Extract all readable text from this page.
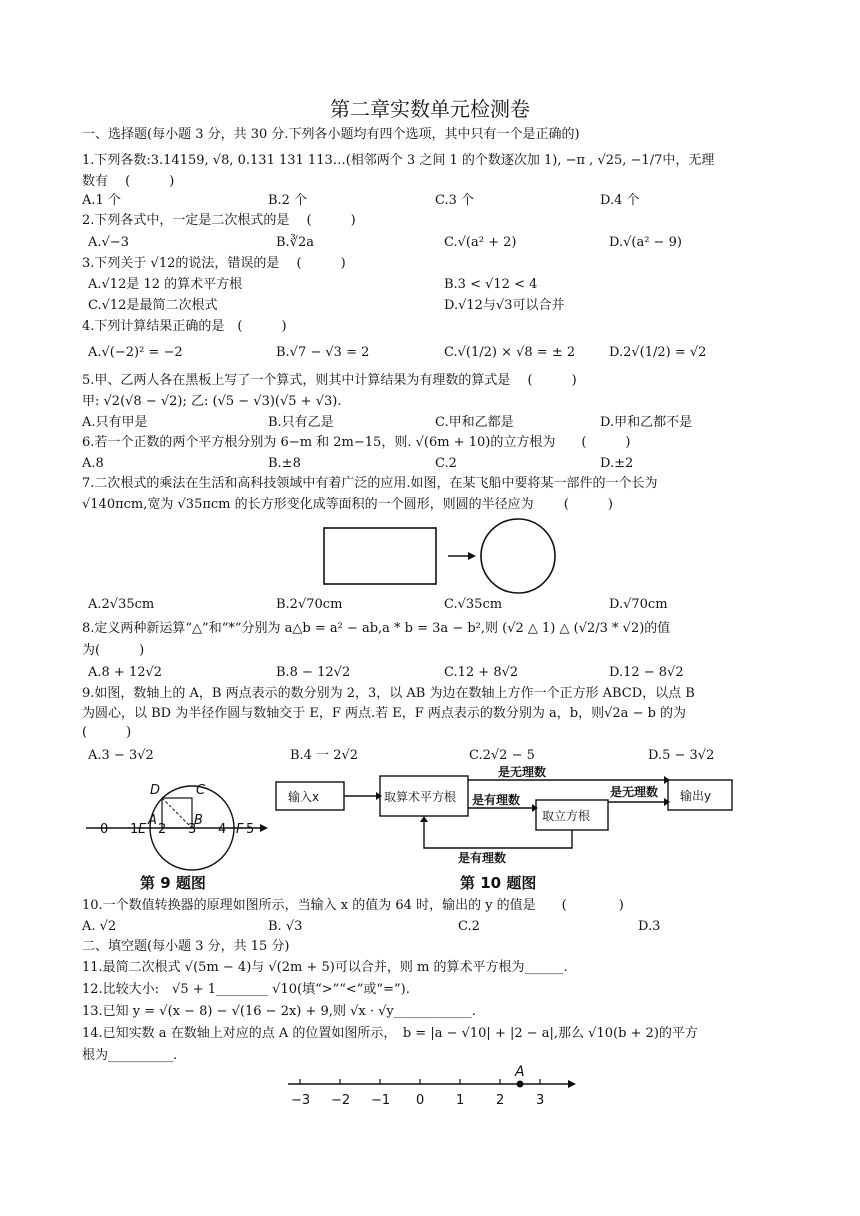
第二章实数单元检测卷
一、选择题(每小题 3 分，共 30 分.下列各小题均有四个选项，其中只有一个是正确的)
1.下列各数:3.14159, √8, 0.131 131 113…(相邻两个 3 之间 1 的个数逐次加 1), −π , √25, −1/7中，无理
数有　 (　　　)
A.1 个	B.2 个	C.3 个	D.4 个
2.下列各式中，一定是二次根式的是　 (　　　)
A.√−3	B.∛2a	C.√(a² + 2)	D.√(a² − 9)
3.下列关于 √12的说法，错误的是　 (　　　)
A.√12是 12 的算术平方根	B.3 < √12 < 4
C.√12是最简二次根式	D.√12与√3可以合并
4.下列计算结果正确的是　(　　　)
A.√(−2)² = −2	B.√7 − √3 = 2	C.√(1/2) × √8 = ± 2	D.2√(1/2) = √2
5.甲、乙两人各在黑板上写了一个算式，则其中计算结果为有理数的算式是　 (　　　)
甲: √2(√8 − √2); 乙: (√5 − √3)(√5 + √3).
A.只有甲是	B.只有乙是	C.甲和乙都是	D.甲和乙都不是
6.若一个正数的两个平方根分别为 6−m 和 2m−15，则. √(6m + 10)的立方根为　　(　　　)
A.8	B.±8	C.2	D.±2
7.二次根式的乘法在生活和高科技领域中有着广泛的应用.如图，在某飞船中要将某一部件的一个长为
√140πcm,宽为 √35πcm 的长方形变化成等面积的一个圆形，则圆的半径应为　　 (　　　)
A.2√35cm	B.2√70cm	C.√35cm	D.√70cm
8.定义两种新运算“△”和“*”分别为 a△b = a² − ab,a * b = 3a − b²,则 (√2 △ 1) △ (√2/3 * √2)的值
为(　　　)
A.8 + 12√2	B.8 − 12√2	C.12 + 8√2	D.12 − 8√2
9.如图，数轴上的 A，B 两点表示的数分别为 2，3，以 AB 为边在数轴上方作一个正方形 ABCD，以点 B
为圆心，以 BD 为半径作圆与数轴交于 E，F 两点.若 E，F 两点表示的数分别为 a，b，则√2a − b 的为
(　　　)
A.3 − 3√2	B.4 一 2√2	C.2√2 − 5	D.5 − 3√2
0 1 2 3 4 5
A	B
C
D
E	F
第 9 题图
输入x	取算术平方根
取立方根
输出y
是无理数
是有理数
是无理数
是有理数
第 10 题图
10.一个数值转换器的原理如图所示，当输入 x 的值为 64 时，输出的 y 的值是　　(　　　　)
A. √2	B. √3	C.2	D.3
二、填空题(每小题 3 分，共 15 分)
11.最简二次根式 √(5m − 4)与 √(2m + 5)可以合并，则 m 的算术平方根为______.
12.比较大小:　√5 + 1________ √10(填“>”“<”或“=”).
13.已知 y = √(x − 8) − √(16 − 2x) + 9,则 √x · √y____________.
14.已知实数 a 在数轴上对应的点 A 的位置如图所示，　b = |a − √10| + |2 − a|,那么 √10(b + 2)的平方
根为__________.
−3 −2 −1 0 1 2 3
A
